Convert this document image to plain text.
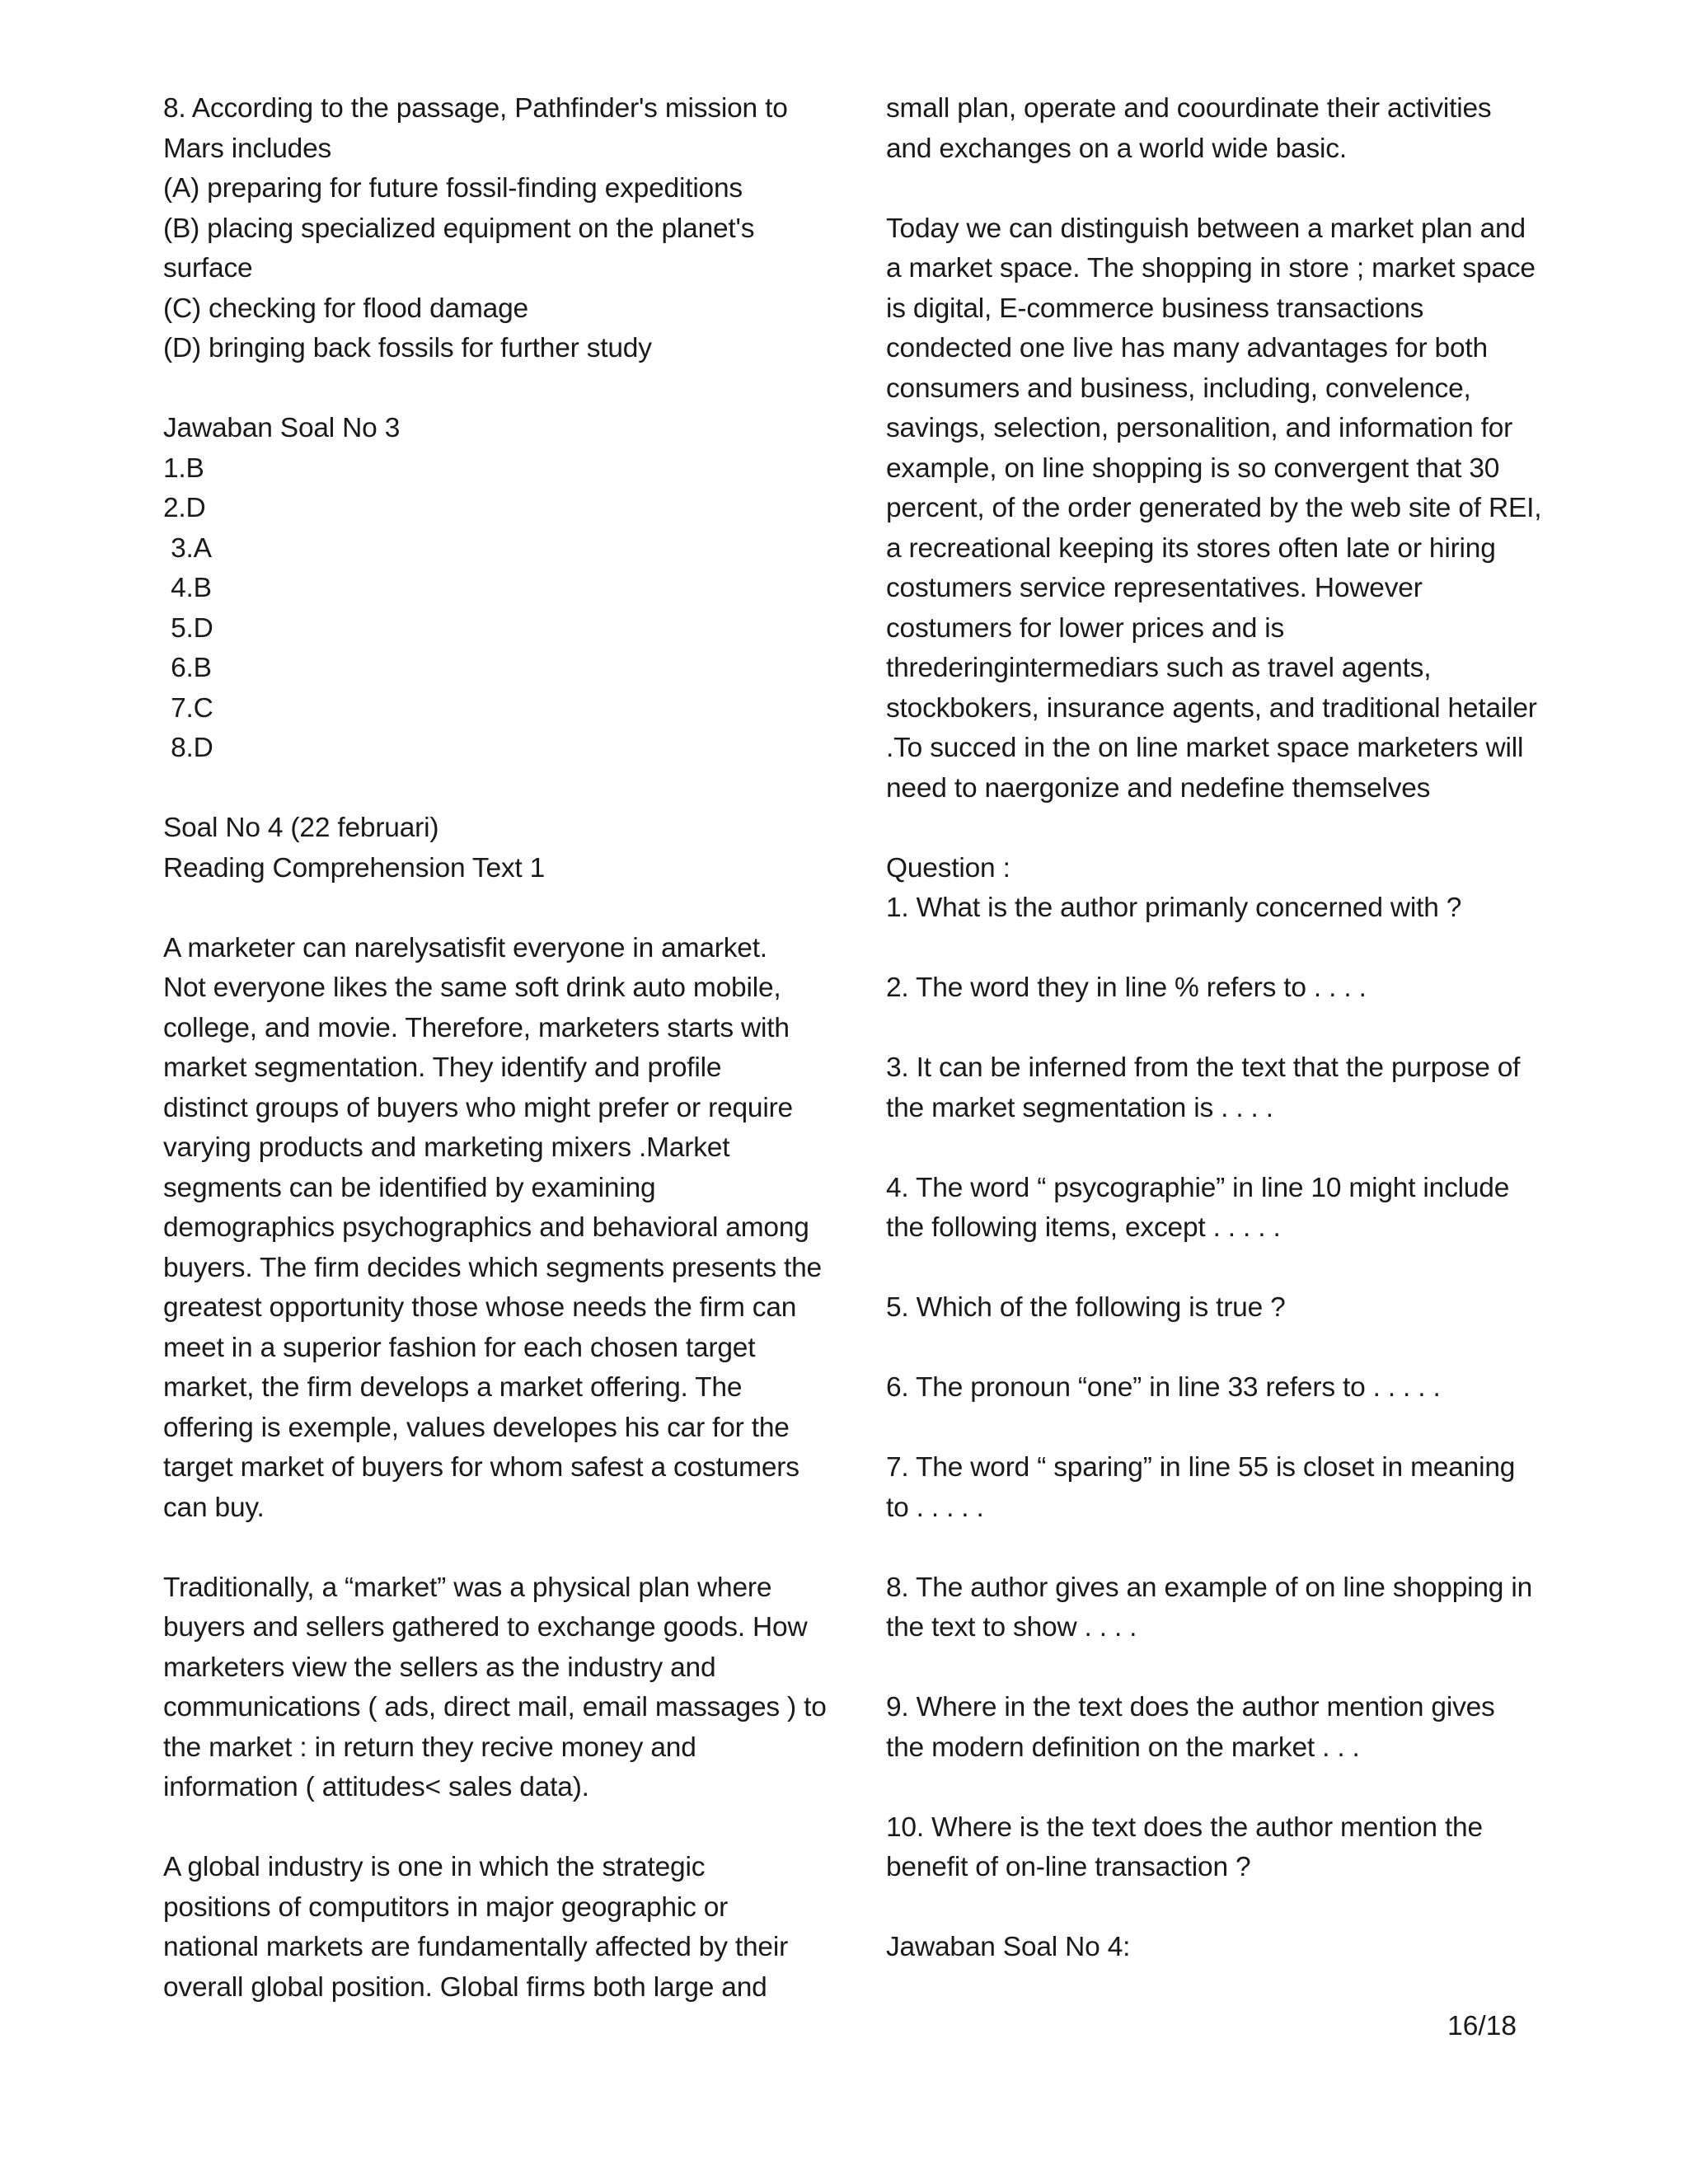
8. According to the passage, Pathfinder's mission to
Mars includes
(A) preparing for future fossil-finding expeditions
(B) placing specialized equipment on the planet's
surface
(C) checking for flood damage
(D) bringing back fossils for further study
Jawaban Soal No 3
1.B
2.D
3.A
4.B
5.D
6.B
7.C
8.D
Soal No 4 (22 februari)
Reading Comprehension Text 1
A marketer can narelysatisfit everyone in amarket.
Not everyone likes the same soft drink auto mobile,
college, and movie. Therefore, marketers starts with
market segmentation. They identify and profile
distinct groups of buyers who might prefer or require
varying products and marketing mixers .Market
segments can be identified by examining
demographics psychographics and behavioral among
buyers. The firm decides which segments presents the
greatest opportunity those whose needs the firm can
meet in a superior fashion for each chosen target
market, the firm develops a market offering. The
offering is exemple, values developes his car for the
target market of buyers for whom safest a costumers
can buy.
Traditionally, a “market” was a physical plan where
buyers and sellers gathered to exchange goods. How
marketers view the sellers as the industry and
communications ( ads, direct mail, email massages ) to
the market : in return they recive money and
information ( attitudes< sales data).
A global industry is one in which the strategic
positions of computitors in major geographic or
national markets are fundamentally affected by their
overall global position. Global firms both large and
small plan, operate and coourdinate their activities
and exchanges on a world wide basic.
Today we can distinguish between a market plan and
a market space. The shopping in store ; market space
is digital, E-commerce business transactions
condected one live has many advantages for both
consumers and business, including, convelence,
savings, selection, personalition, and information for
example, on line shopping is so convergent that 30
percent, of the order generated by the web site of REI,
a recreational keeping its stores often late or hiring
costumers service representatives. However
costumers for lower prices and is
threderingintermediars such as travel agents,
stockbokers, insurance agents, and traditional hetailer
.To succed in the on line market space marketers will
need to naergonize and nedefine themselves
Question :
1. What is the author primanly concerned with ?
2. The word they in line % refers to . . . .
3. It can be inferned from the text that the purpose of
the market segmentation is . . . .
4. The word “ psycographie” in line 10 might include
the following items, except . . . . .
5. Which of the following is true ?
6. The pronoun “one” in line 33 refers to . . . . .
7. The word “ sparing” in line 55 is closet in meaning
to . . . . .
8. The author gives an example of on line shopping in
the text to show . . . .
9. Where in the text does the author mention gives
the modern definition on the market . . .
10. Where is the text does the author mention the
benefit of on-line transaction ?
Jawaban Soal No 4:
16/18
